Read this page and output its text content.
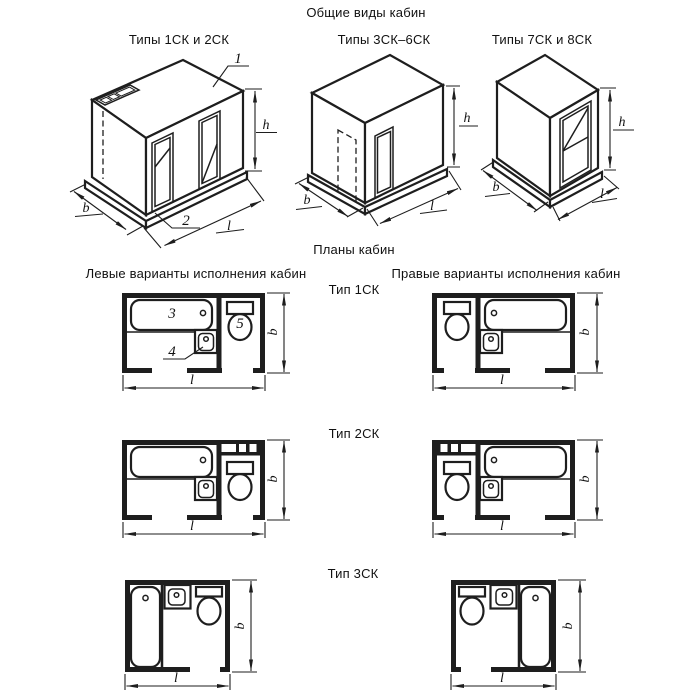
1
2
h
b
l
h
b	l
h
b	l
3
5
4
b
l
b
l
b
l
b
l
b
l
b
l
Общие виды кабин
Типы 1СК и 2СК	Типы 3СК–6СК	Типы 7СК и 8СК
Планы кабин
Левые варианты исполнения кабин	Правые варианты исполнения кабин
Тип 1СК
Тип 2СК
Тип 3СК
